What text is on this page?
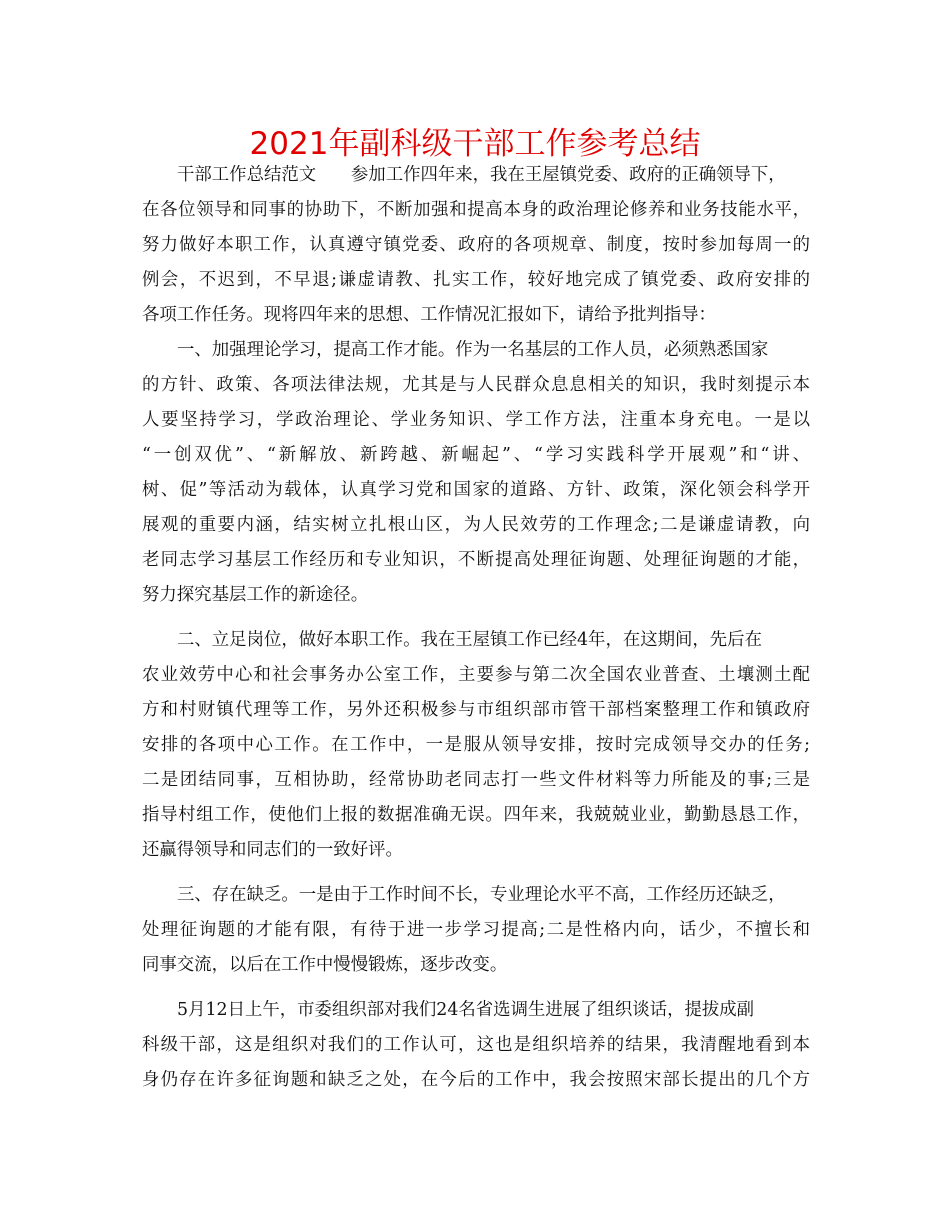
2021年副科级干部工作参考总结

干部工作总结范文　　参加工作四年来，我在王屋镇党委、政府的正确领导下，
在各位领导和同事的协助下，不断加强和提高本身的政治理论修养和业务技能水平，
努力做好本职工作，认真遵守镇党委、政府的各项规章、制度，按时参加每周一的
例会，不迟到，不早退;谦虚请教、扎实工作，较好地完成了镇党委、政府安排的
各项工作任务。现将四年来的思想、工作情况汇报如下，请给予批判指导：

一、加强理论学习，提高工作才能。作为一名基层的工作人员，必须熟悉国家
的方针、政策、各项法律法规，尤其是与人民群众息息相关的知识，我时刻提示本
人要坚持学习，学政治理论、学业务知识、学工作方法，注重本身充电。一是以
“一创双优”、“新解放、新跨越、新崛起”、“学习实践科学开展观”和“讲、
树、促”等活动为载体，认真学习党和国家的道路、方针、政策，深化领会科学开
展观的重要内涵，结实树立扎根山区，为人民效劳的工作理念;二是谦虚请教，向
老同志学习基层工作经历和专业知识，不断提高处理征询题、处理征询题的才能，
努力探究基层工作的新途径。

二、立足岗位，做好本职工作。我在王屋镇工作已经4年，在这期间，先后在
农业效劳中心和社会事务办公室工作，主要参与第二次全国农业普查、土壤测土配
方和村财镇代理等工作，另外还积极参与市组织部市管干部档案整理工作和镇政府
安排的各项中心工作。在工作中，一是服从领导安排，按时完成领导交办的任务;
二是团结同事，互相协助，经常协助老同志打一些文件材料等力所能及的事;三是
指导村组工作，使他们上报的数据准确无误。四年来，我兢兢业业，勤勤恳恳工作，
还赢得领导和同志们的一致好评。

三、存在缺乏。一是由于工作时间不长，专业理论水平不高，工作经历还缺乏，
处理征询题的才能有限，有待于进一步学习提高;二是性格内向，话少，不擅长和
同事交流，以后在工作中慢慢锻炼，逐步改变。

5月12日上午，市委组织部对我们24名省选调生进展了组织谈话，提拔成副
科级干部，这是组织对我们的工作认可，这也是组织培养的结果，我清醒地看到本
身仍存在许多征询题和缺乏之处，在今后的工作中，我会按照宋部长提出的几个方
